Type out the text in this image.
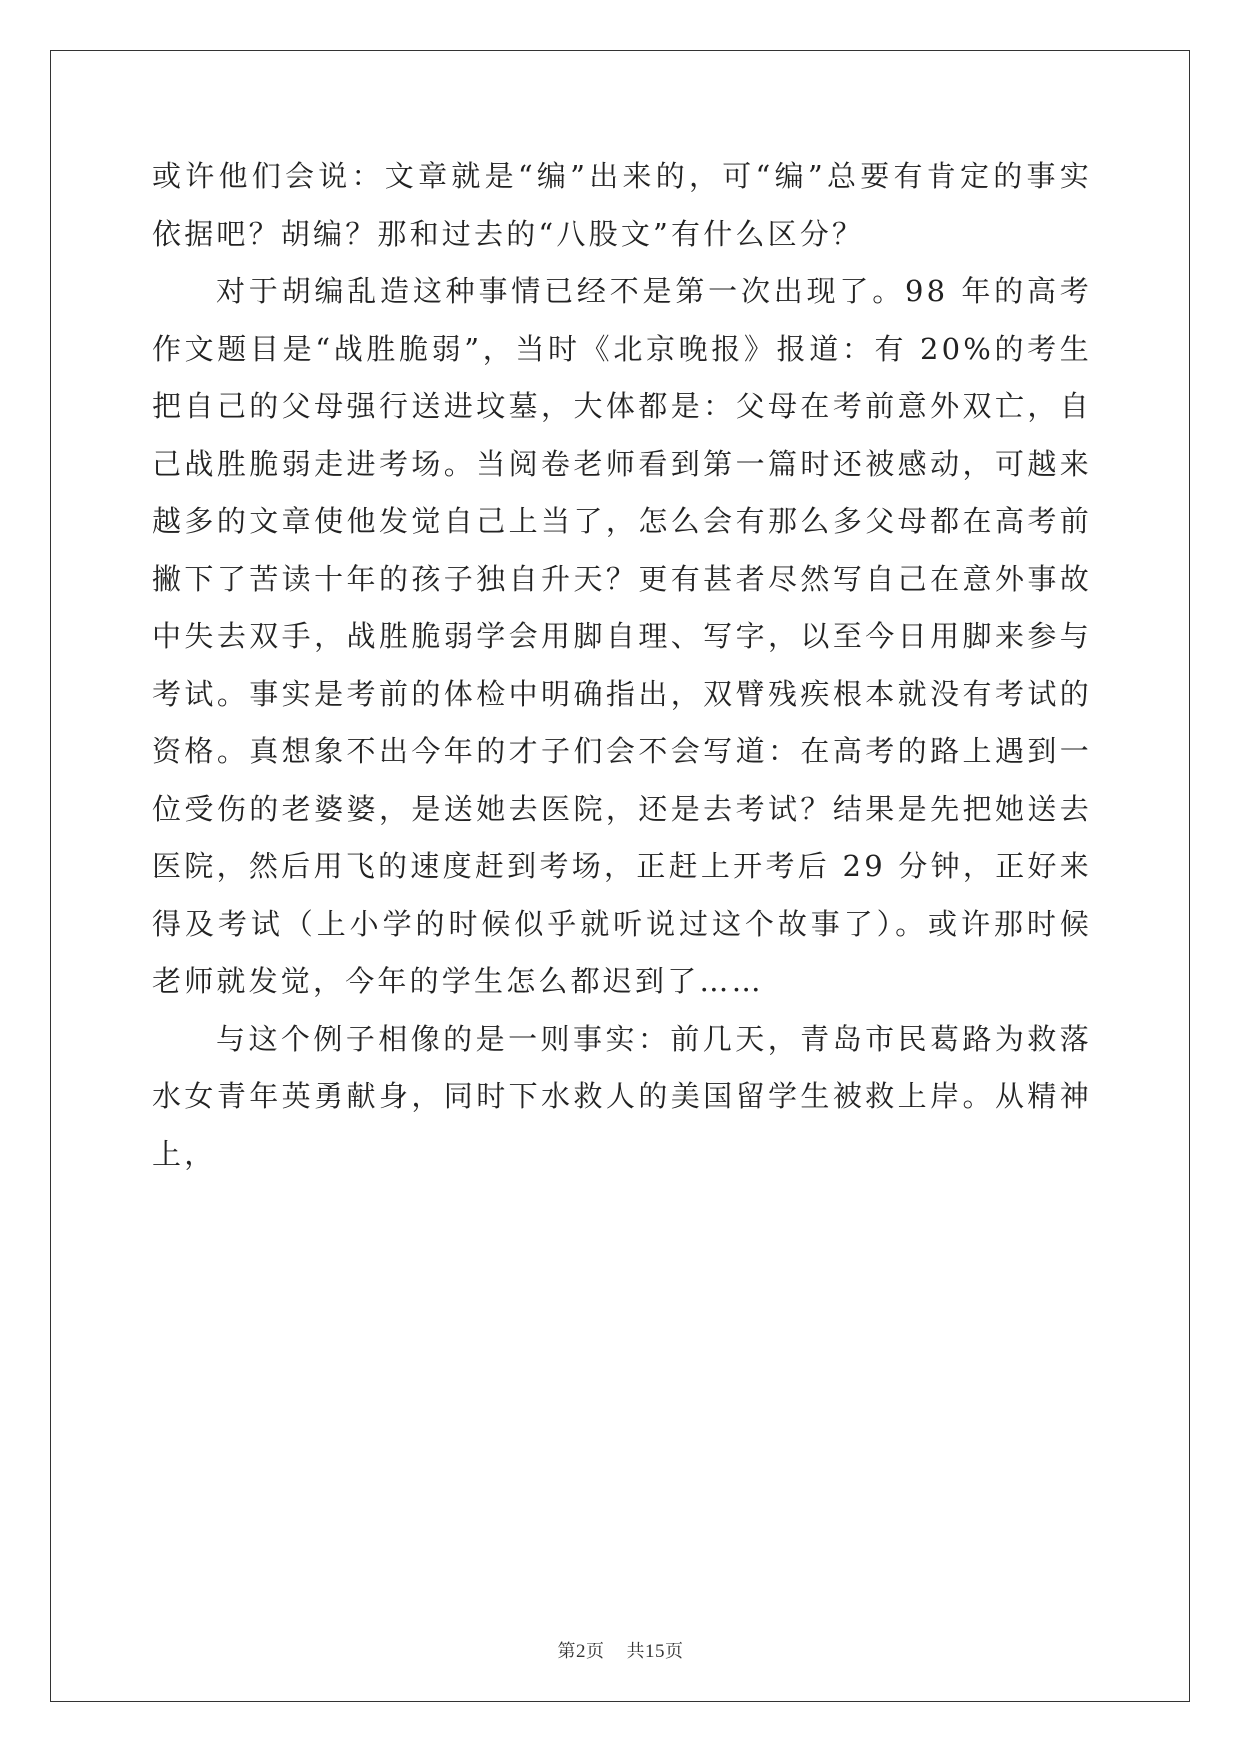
或许他们会说：文章就是“编”出来的，可“编”总要有肯定的事实依据吧？胡编？那和过去的“八股文”有什么区分？

对于胡编乱造这种事情已经不是第一次出现了。98 年的高考作文题目是“战胜脆弱”，当时《北京晚报》报道：有 20%的考生把自己的父母强行送进坟墓，大体都是：父母在考前意外双亡，自己战胜脆弱走进考场。当阅卷老师看到第一篇时还被感动，可越来越多的文章使他发觉自己上当了，怎么会有那么多父母都在高考前撇下了苦读十年的孩子独自升天？更有甚者尽然写自己在意外事故中失去双手，战胜脆弱学会用脚自理、写字，以至今日用脚来参与考试。事实是考前的体检中明确指出，双臂残疾根本就没有考试的资格。真想象不出今年的才子们会不会写道：在高考的路上遇到一位受伤的老婆婆，是送她去医院，还是去考试？结果是先把她送去医院，然后用飞的速度赶到考场，正赶上开考后 29 分钟，正好来得及考试（上小学的时候似乎就听说过这个故事了）。或许那时候老师就发觉，今年的学生怎么都迟到了……

与这个例子相像的是一则事实：前几天，青岛市民葛路为救落水女青年英勇献身，同时下水救人的美国留学生被救上岸。从精神上，

第2页 共15页
